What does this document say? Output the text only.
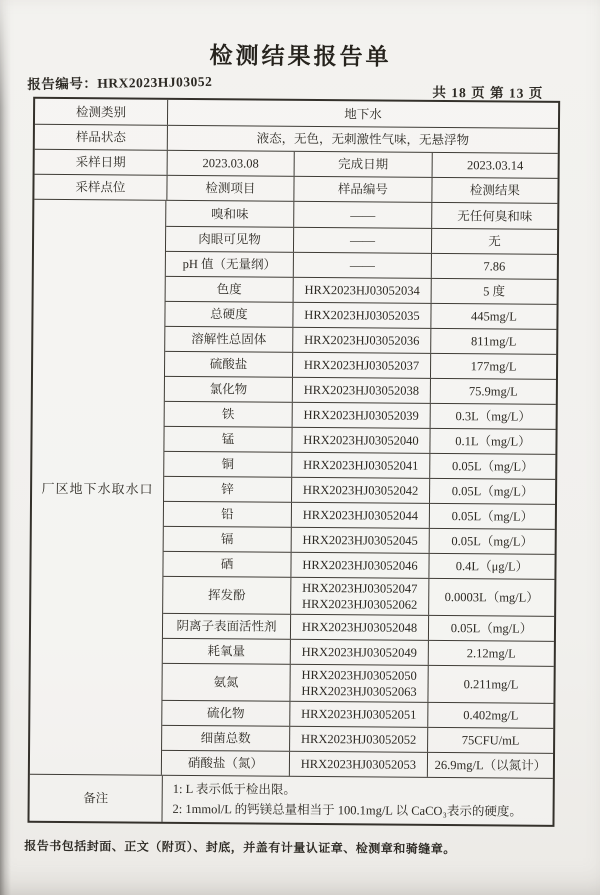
检测结果报告单
报告编号：HRX2023HJ03052
共 18 页 第 13 页
检测类别	地下水
样品状态	液态，无色，无刺激性气味，无悬浮物
采样日期	2023.03.08	完成日期	2023.03.14
采样点位	检测项目	样品编号	检测结果
厂区地下水取水口
嗅和味	——	无任何臭和味
肉眼可见物	——	无
pH 值（无量纲）	——	7.86
色度	HRX2023HJ03052034	5 度
总硬度	HRX2023HJ03052035	445mg/L
溶解性总固体	HRX2023HJ03052036	811mg/L
硫酸盐	HRX2023HJ03052037	177mg/L
氯化物	HRX2023HJ03052038	75.9mg/L
铁	HRX2023HJ03052039	0.3L（mg/L）
锰	HRX2023HJ03052040	0.1L（mg/L）
铜	HRX2023HJ03052041	0.05L（mg/L）
锌	HRX2023HJ03052042	0.05L（mg/L）
铅	HRX2023HJ03052044	0.05L（mg/L）
镉	HRX2023HJ03052045	0.05L（mg/L）
硒	HRX2023HJ03052046	0.4L（μg/L）
挥发酚	HRX2023HJ03052047
HRX2023HJ03052062	0.0003L（mg/L）
阴离子表面活性剂	HRX2023HJ03052048	0.05L（mg/L）
耗氧量	HRX2023HJ03052049	2.12mg/L
氨氮	HRX2023HJ03052050
HRX2023HJ03052063	0.211mg/L
硫化物	HRX2023HJ03052051	0.402mg/L
细菌总数	HRX2023HJ03052052	75CFU/mL
硝酸盐（氮）	HRX2023HJ03052053	26.9mg/L（以氮计）
备注
1: L 表示低于检出限。
2: 1mmol/L 的钙镁总量相当于 100.1mg/L 以 CaCO₃表示的硬度。
报告书包括封面、正文（附页）、封底，并盖有计量认证章、检测章和骑缝章。
